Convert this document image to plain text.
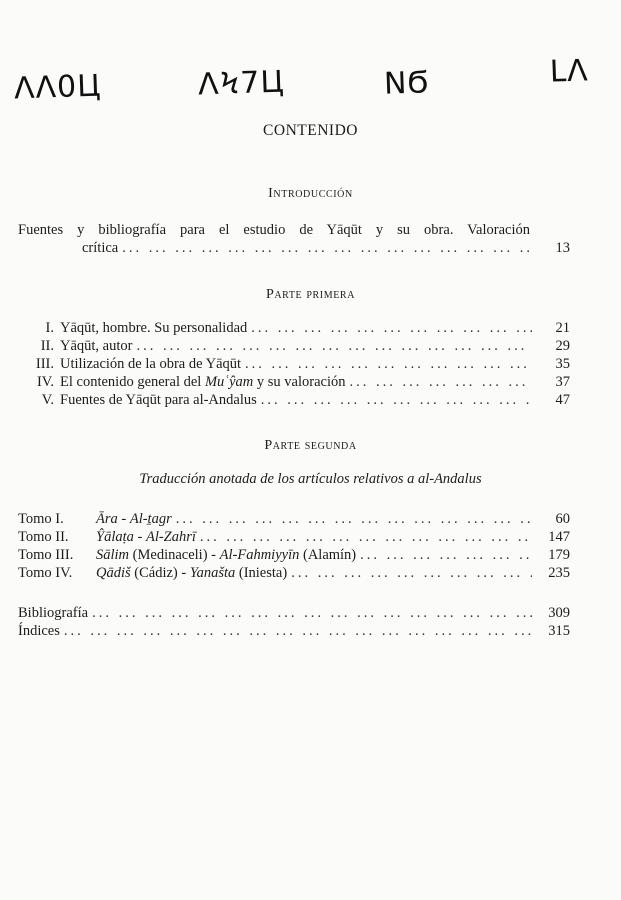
ΛΛ0Ц	ΛϞ7Ц	ΝϬ	ԼΛ
CONTENIDO
Introducción
Fuentes y bibliografía para el estudio de Yāqūt y su obra. Valoración
crítica ... .	13
Parte primera
I. Yāqūt, hombre. Su personalidad ... .	21
II. Yāqūt, autor ... .	29
III. Utilización de la obra de Yāqūt ... .	35
IV. El contenido general del Muʿŷam y su valoración ... .	37
V. Fuentes de Yāqūt para al-Andalus ... .	47
Parte segunda
Traducción anotada de los artículos relativos a al-Andalus
Tomo I. Āra - Al-ṯagr ... .	60
Tomo II. Ŷālaṭa - Al-Zahrī ... .	147
Tomo III. Sālim (Medinaceli) - Al-Fahmiyyīn (Alamín) ... .	179
Tomo IV. Qādiš (Cádiz) - Yanašta (Iniesta) ... .	235
Bibliografía ... .	309
Índices ... .	315
